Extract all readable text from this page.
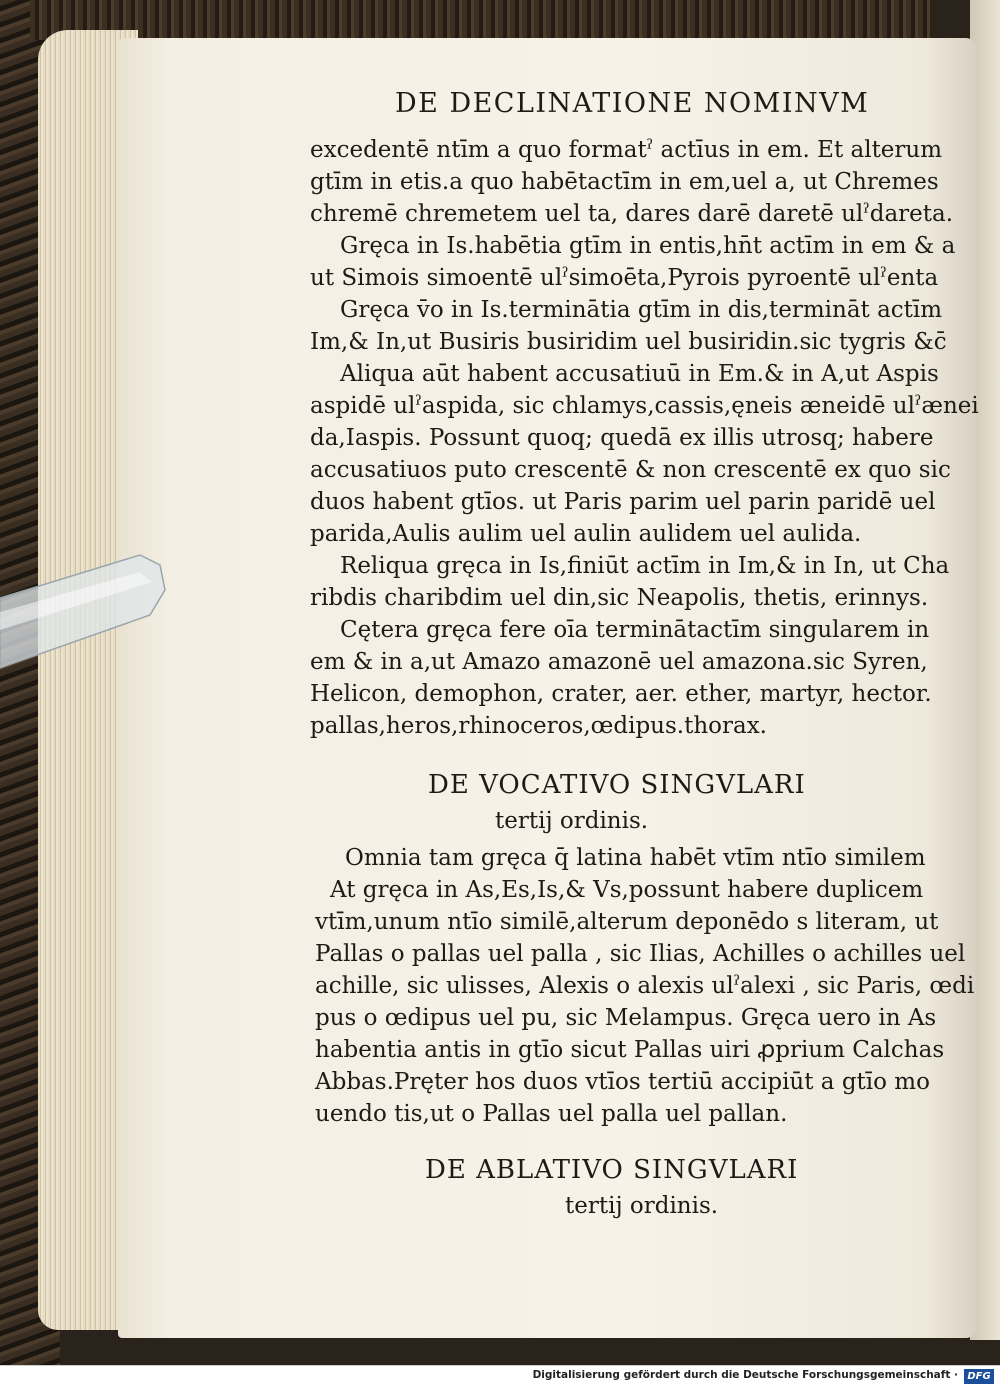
DE DECLINATIONE NOMINVM
excedentē ntīm a quo formatˀ actīus in em. Et alterum
gtīm in etis.a quo habētactīm in em,uel a, ut Chremes
chremē chremetem uel ta, dares darē daretē ulˀdareta.
Gręca in Is.habētia gtīm in entis,hn̄t actīm in em & a
ut Simois simoentē ulˀsimoēta,Pyrois pyroentē ulˀenta
Gręca v̄o in Is.terminātia gtīm in dis,termināt actīm
Im,& In,ut Busiris busiridim uel busiridin.sic tygris &c̄
Aliqua aūt habent accusatiuū in Em.& in A,ut Aspis
aspidē ulˀaspida, sic chlamys,cassis,ęneis æneidē ulˀænei
da,Iaspis. Possunt quoq; quedā ex illis utrosq; habere
accusatiuos puto crescentē & non crescentē ex quo sic
duos habent gtīos. ut Paris parim uel parin paridē uel
parida,Aulis aulim uel aulin aulidem uel aulida.
Reliqua gręca in Is,finiūt actīm in Im,& in In, ut Cha
ribdis charibdim uel din,sic Neapolis, thetis, erinnys.
Cętera gręca fere oīa terminātactīm singularem in
em & in a,ut Amazo amazonē uel amazona.sic Syren,
Helicon, demophon, crater, aer. ether, martyr, hector.
pallas,heros,rhinoceros,œdipus.thorax.
DE VOCATIVO SINGVLARI
tertij ordinis.
Omnia tam gręca q̄ latina habēt vtīm ntīo similem
At gręca in As,Es,Is,& Vs,possunt habere duplicem
vtīm,unum ntīo similē,alterum deponēdo s literam, ut
Pallas o pallas uel palla , sic Ilias, Achilles o achilles uel
achille, sic ulisses, Alexis o alexis ulˀalexi , sic Paris, œdi
pus o œdipus uel pu, sic Melampus. Gręca uero in As
habentia antis in gtīo sicut Pallas uiri ꝓprium Calchas
Abbas.Pręter hos duos vtīos tertiū accipiūt a gtīo mo
uendo tis,ut o Pallas uel palla uel pallan.
DE ABLATIVO SINGVLARI
tertij ordinis.
Digitalisierung gefördert durch die Deutsche Forschungsgemeinschaft · DFG
